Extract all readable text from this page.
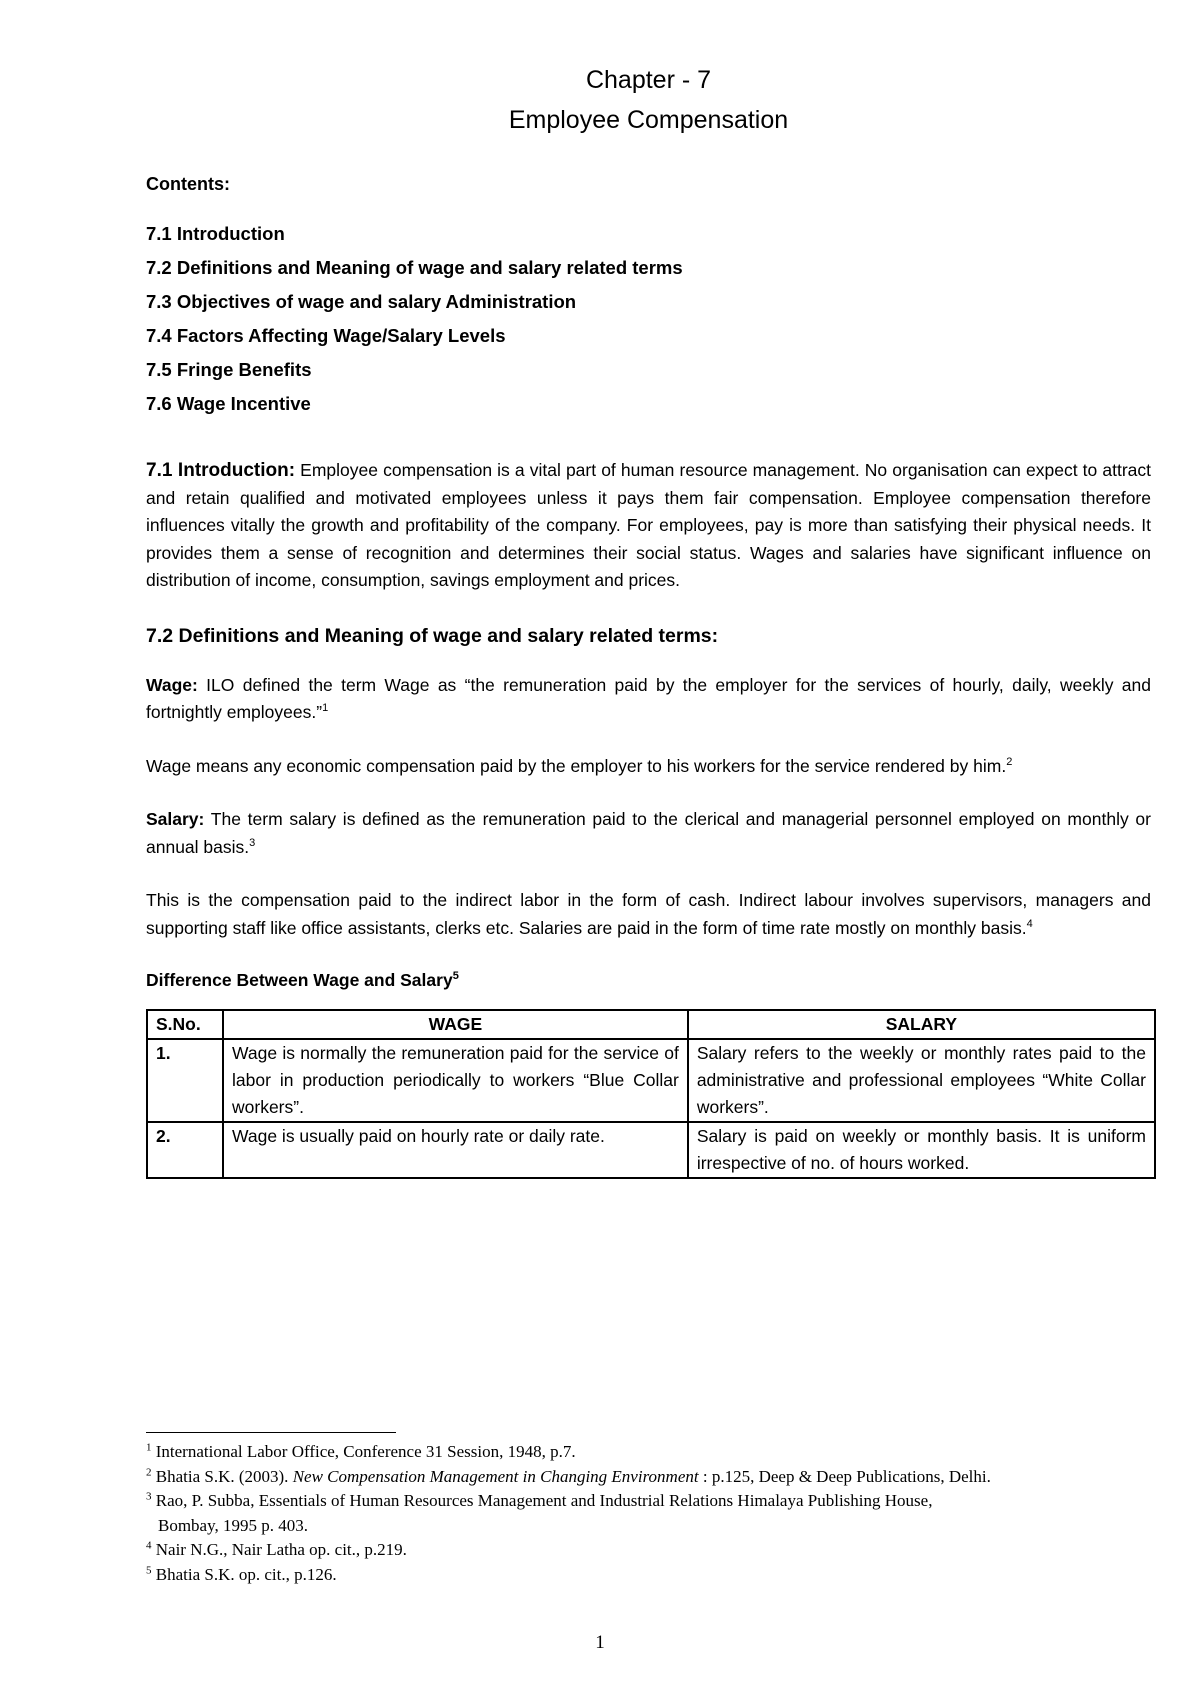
Chapter - 7
Employee Compensation
Contents:
7.1 Introduction
7.2 Definitions and Meaning of wage and salary related terms
7.3 Objectives of wage and salary Administration
7.4 Factors Affecting Wage/Salary Levels
7.5 Fringe Benefits
7.6 Wage Incentive

7.1 Introduction: Employee compensation is a vital part of human resource management. No organisation can expect to attract and retain qualified and motivated employees unless it pays them fair compensation. Employee compensation therefore influences vitally the growth and profitability of the company. For employees, pay is more than satisfying their physical needs. It provides them a sense of recognition and determines their social status. Wages and salaries have significant influence on distribution of income, consumption, savings employment and prices.

7.2 Definitions and Meaning of wage and salary related terms:

Wage: ILO defined the term Wage as “the remuneration paid by the employer for the services of hourly, daily, weekly and fortnightly employees.”$^1$

Wage means any economic compensation paid by the employer to his workers for the service rendered by him.$^2$

Salary: The term salary is defined as the remuneration paid to the clerical and managerial personnel employed on monthly or annual basis.$^3$

This is the compensation paid to the indirect labor in the form of cash. Indirect labour involves supervisors, managers and supporting staff like office assistants, clerks etc. Salaries are paid in the form of time rate mostly on monthly basis.$^4$

Difference Between Wage and Salary$^5$
S.No.	WAGE	SALARY
1.	Wage is normally the remuneration paid for the service of labor in production periodically to workers “Blue Collar workers”.	Salary refers to the weekly or monthly rates paid to the administrative and professional employees “White Collar workers”.
2.	Wage is usually paid on hourly rate or daily rate.	Salary is paid on weekly or monthly basis. It is uniform irrespective of no. of hours worked.

$^1$ International Labor Office, Conference 31 Session, 1948, p.7.

$^2$ Bhatia S.K. (2003). New Compensation Management in Changing Environment : p.125, Deep & Deep Publications, Delhi.

$^3$ Rao, P. Subba, Essentials of Human Resources Management and Industrial Relations Himalaya Publishing House,

Bombay, 1995 p. 403.

$^4$ Nair N.G., Nair Latha op. cit., p.219.

$^5$ Bhatia S.K. op. cit., p.126.

1
